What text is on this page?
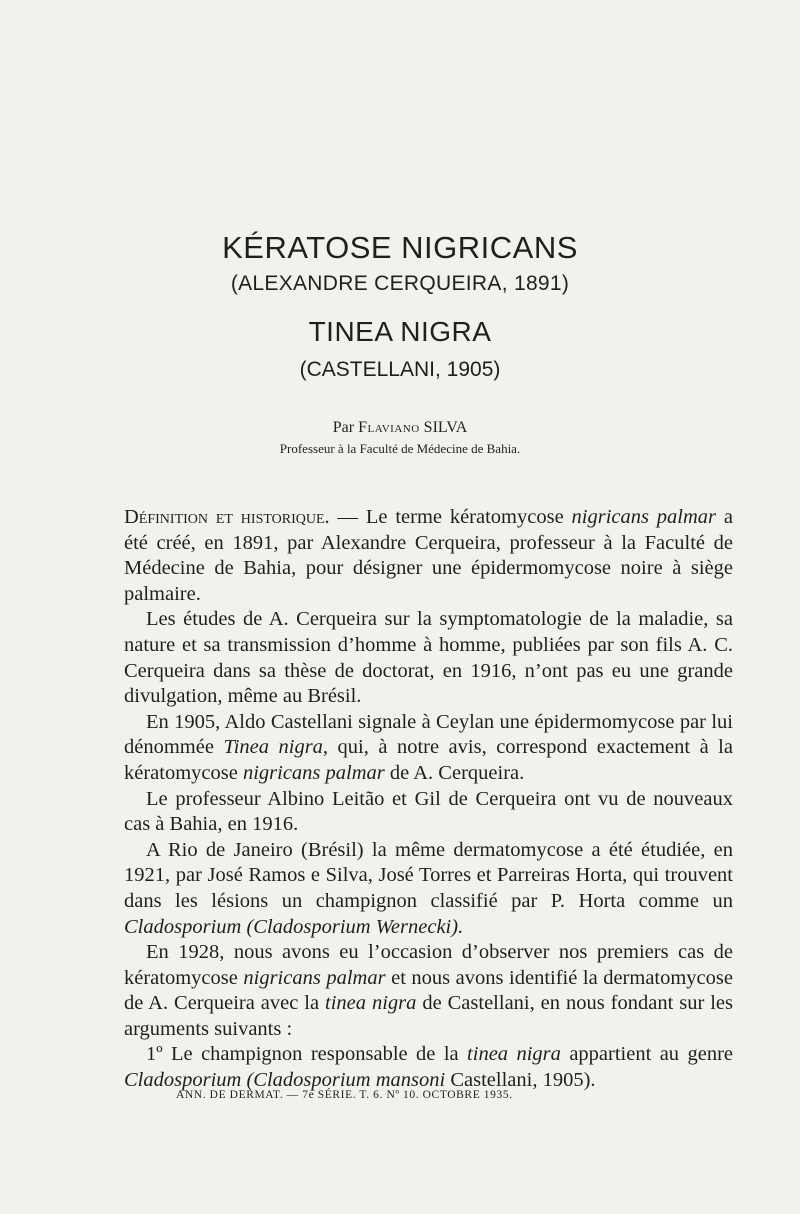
KÉRATOSE NIGRICANS
(ALEXANDRE CERQUEIRA, 1891)
TINEA NIGRA
(CASTELLANI, 1905)
Par Flaviano SILVA
Professeur à la Faculté de Médecine de Bahia.

Définition et historique. — Le terme kératomycose nigricans palmar a été créé, en 1891, par Alexandre Cerqueira, professeur à la Faculté de Médecine de Bahia, pour désigner une épidermomycose noire à siège palmaire.

Les études de A. Cerqueira sur la symptomatologie de la maladie, sa nature et sa transmission d’homme à homme, publiées par son fils A. C. Cerqueira dans sa thèse de doctorat, en 1916, n’ont pas eu une grande divulgation, même au Brésil.

En 1905, Aldo Castellani signale à Ceylan une épidermomycose par lui dénommée Tinea nigra, qui, à notre avis, correspond exactement à la kératomycose nigricans palmar de A. Cerqueira.

Le professeur Albino Leitão et Gil de Cerqueira ont vu de nouveaux cas à Bahia, en 1916.

A Rio de Janeiro (Brésil) la même dermatomycose a été étudiée, en 1921, par José Ramos e Silva, José Torres et Parreiras Horta, qui trouvent dans les lésions un champignon classifié par P. Horta comme un Cladosporium (Cladosporium Wernecki).

En 1928, nous avons eu l’occasion d’observer nos premiers cas de kératomycose nigricans palmar et nous avons identifié la dermatomycose de A. Cerqueira avec la tinea nigra de Castellani, en nous fondant sur les arguments suivants :

1º Le champignon responsable de la tinea nigra appartient au genre Cladosporium (Cladosporium mansoni Castellani, 1905).

ANN. DE DERMAT. — 7e SÉRIE. T. 6. Nº 10. OCTOBRE 1935.
